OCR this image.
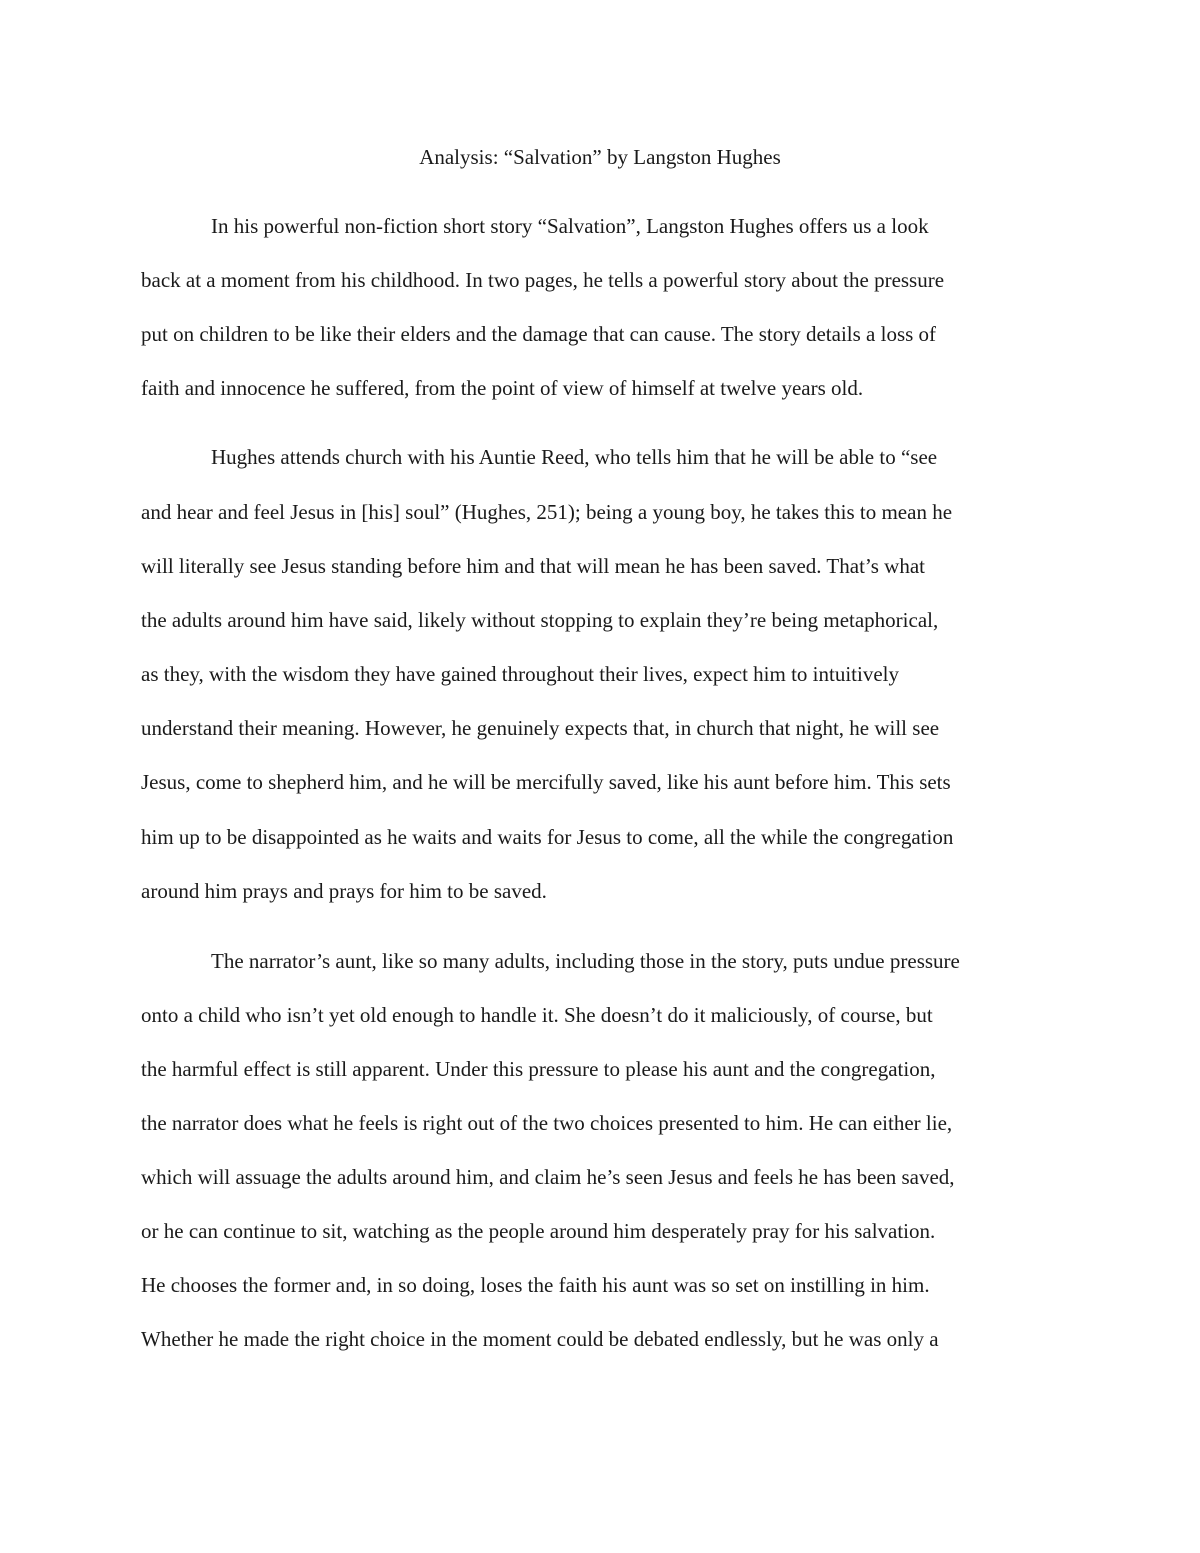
Analysis: “Salvation” by Langston Hughes

In his powerful non-fiction short story “Salvation”, Langston Hughes offers us a look

back at a moment from his childhood. In two pages, he tells a powerful story about the pressure

put on children to be like their elders and the damage that can cause. The story details a loss of

faith and innocence he suffered, from the point of view of himself at twelve years old.

Hughes attends church with his Auntie Reed, who tells him that he will be able to “see

and hear and feel Jesus in [his] soul” (Hughes, 251); being a young boy, he takes this to mean he

will literally see Jesus standing before him and that will mean he has been saved. That’s what

the adults around him have said, likely without stopping to explain they’re being metaphorical,

as they, with the wisdom they have gained throughout their lives, expect him to intuitively

understand their meaning. However, he genuinely expects that, in church that night, he will see

Jesus, come to shepherd him, and he will be mercifully saved, like his aunt before him. This sets

him up to be disappointed as he waits and waits for Jesus to come, all the while the congregation

around him prays and prays for him to be saved.

The narrator’s aunt, like so many adults, including those in the story, puts undue pressure

onto a child who isn’t yet old enough to handle it. She doesn’t do it maliciously, of course, but

the harmful effect is still apparent. Under this pressure to please his aunt and the congregation,

the narrator does what he feels is right out of the two choices presented to him. He can either lie,

which will assuage the adults around him, and claim he’s seen Jesus and feels he has been saved,

or he can continue to sit, watching as the people around him desperately pray for his salvation.

He chooses the former and, in so doing, loses the faith his aunt was so set on instilling in him.

Whether he made the right choice in the moment could be debated endlessly, but he was only a
